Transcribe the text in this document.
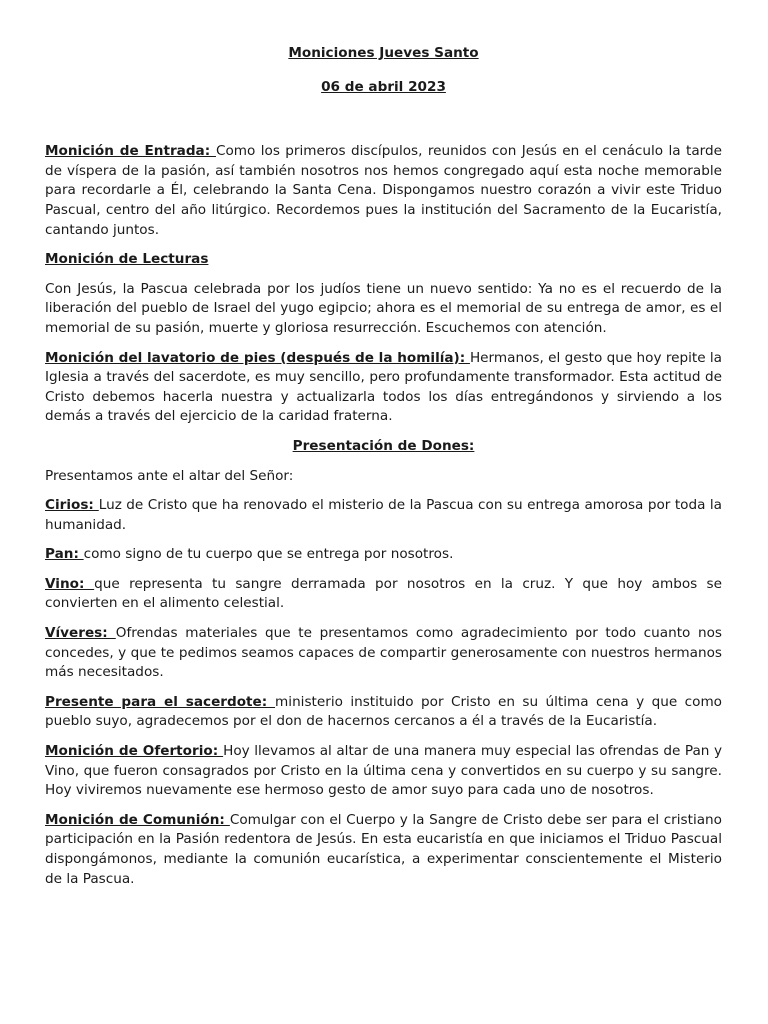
Moniciones Jueves Santo

06 de abril 2023

Monición de Entrada: Como los primeros discípulos, reunidos con Jesús en el cenáculo la tarde de víspera de la pasión, así también nosotros nos hemos congregado aquí esta noche memorable para recordarle a Él, celebrando la Santa Cena. Dispongamos nuestro corazón a vivir este Triduo Pascual, centro del año litúrgico. Recordemos pues la institución del Sacramento de la Eucaristía, cantando juntos.

Monición de Lecturas

Con Jesús, la Pascua celebrada por los judíos tiene un nuevo sentido: Ya no es el recuerdo de la liberación del pueblo de Israel del yugo egipcio; ahora es el memorial de su entrega de amor, es el memorial de su pasión, muerte y gloriosa resurrección. Escuchemos con atención.

Monición del lavatorio de pies (después de la homilía): Hermanos, el gesto que hoy repite la Iglesia a través del sacerdote, es muy sencillo, pero profundamente transformador. Esta actitud de Cristo debemos hacerla nuestra y actualizarla todos los días entregándonos y sirviendo a los demás a través del ejercicio de la caridad fraterna.

Presentación de Dones:

Presentamos ante el altar del Señor:

Cirios: Luz de Cristo que ha renovado el misterio de la Pascua con su entrega amorosa por toda la humanidad.

Pan: como signo de tu cuerpo que se entrega por nosotros.

Vino: que representa tu sangre derramada por nosotros en la cruz. Y que hoy ambos se convierten en el alimento celestial.

Víveres: Ofrendas materiales que te presentamos como agradecimiento por todo cuanto nos concedes, y que te pedimos seamos capaces de compartir generosamente con nuestros hermanos más necesitados.

Presente para el sacerdote: ministerio instituido por Cristo en su última cena y que como pueblo suyo, agradecemos por el don de hacernos cercanos a él a través de la Eucaristía.

Monición de Ofertorio: Hoy llevamos al altar de una manera muy especial las ofrendas de Pan y Vino, que fueron consagrados por Cristo en la última cena y convertidos en su cuerpo y su sangre. Hoy viviremos nuevamente ese hermoso gesto de amor suyo para cada uno de nosotros.

Monición de Comunión: Comulgar con el Cuerpo y la Sangre de Cristo debe ser para el cristiano participación en la Pasión redentora de Jesús. En esta eucaristía en que iniciamos el Triduo Pascual dispongámonos, mediante la comunión eucarística, a experimentar conscientemente el Misterio de la Pascua.
